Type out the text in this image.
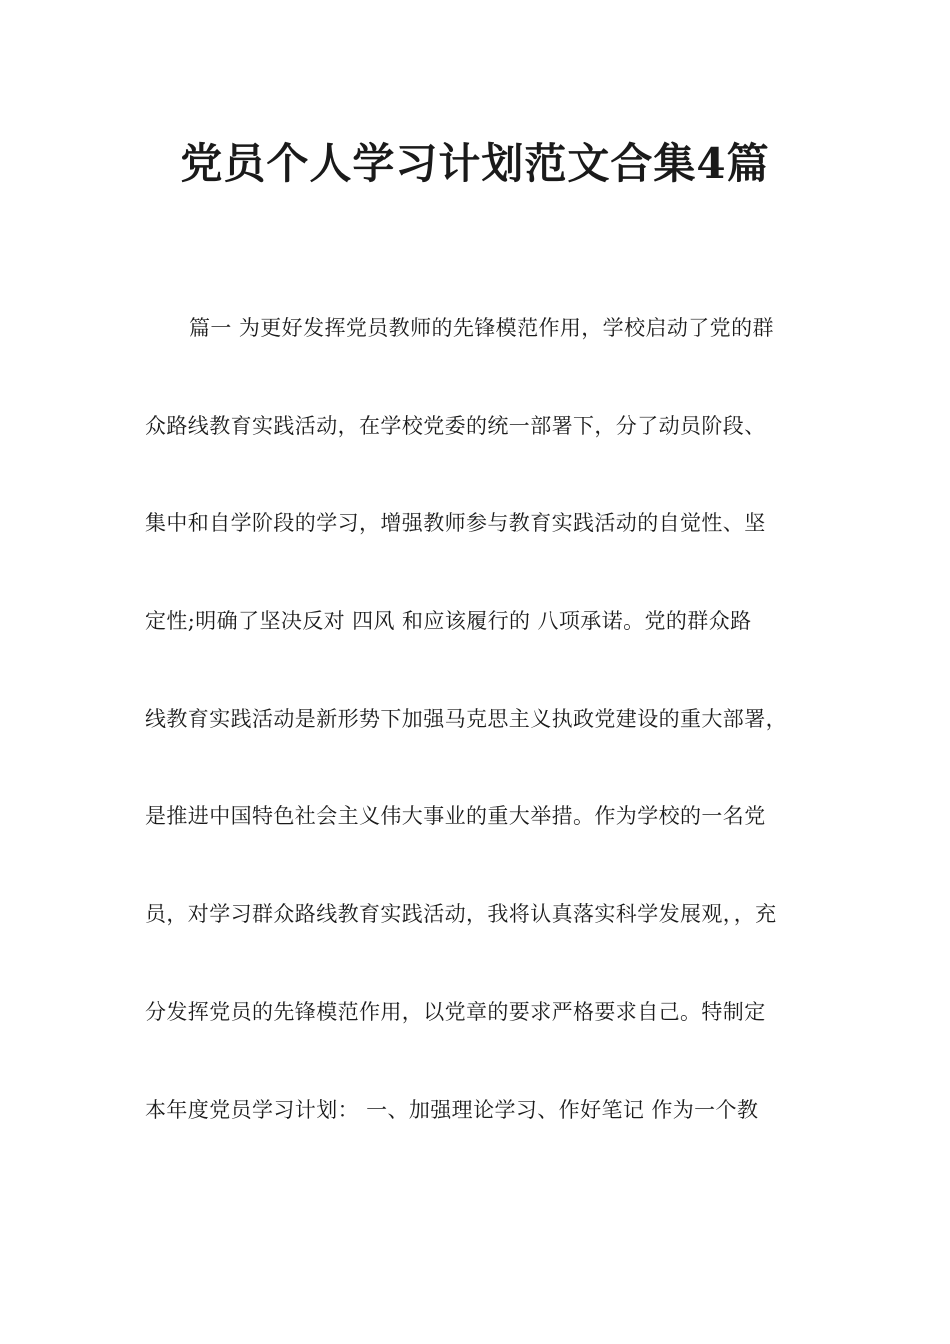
党员个人学习计划范文合集4篇
篇一 为更好发挥党员教师的先锋模范作用，学校启动了党的群
众路线教育实践活动，在学校党委的统一部署下，分了动员阶段、
集中和自学阶段的学习，增强教师参与教育实践活动的自觉性、坚
定性;明确了坚决反对 四风 和应该履行的 八项承诺。党的群众路
线教育实践活动是新形势下加强马克思主义执政党建设的重大部署，
是推进中国特色社会主义伟大事业的重大举措。作为学校的一名党
员，对学习群众路线教育实践活动，我将认真落实科学发展观，，充
分发挥党员的先锋模范作用，以党章的要求严格要求自己。特制定
本年度党员学习计划： 一、加强理论学习、作好笔记 作为一个教
